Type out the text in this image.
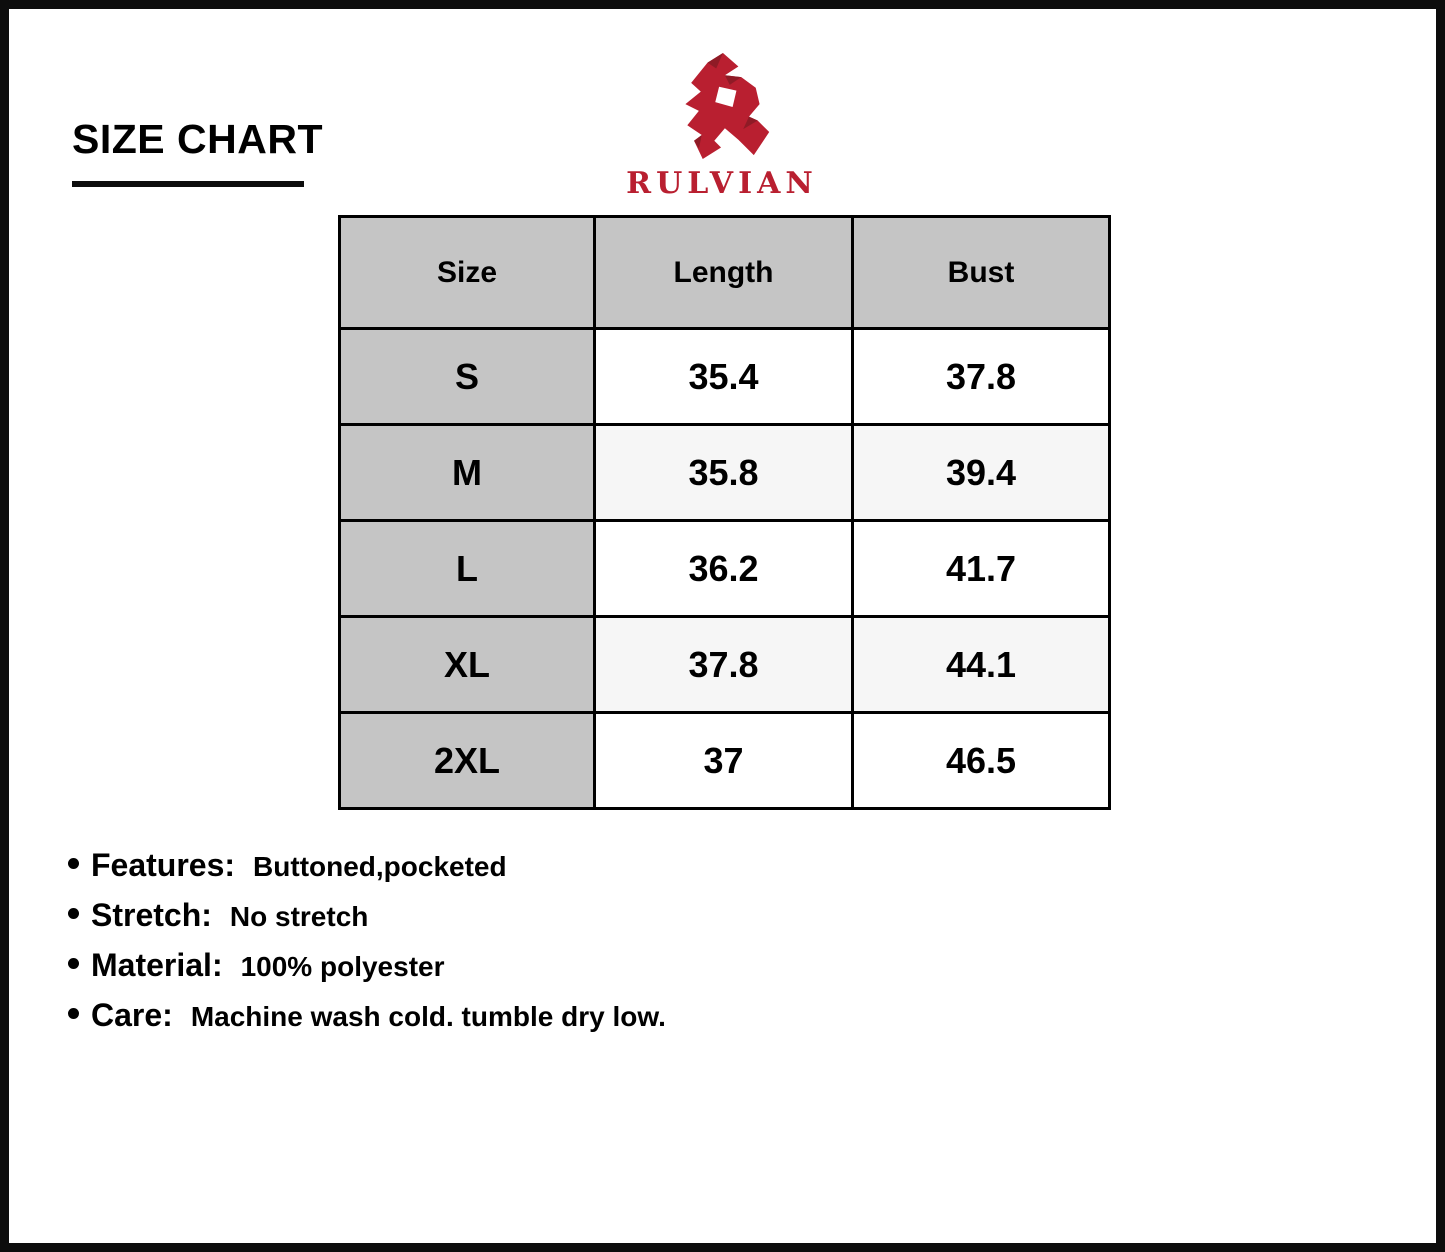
SIZE CHART
RULVIAN
Size	Length	Bust
S	35.4	37.8
M	35.8	39.4
L	36.2	41.7
XL	37.8	44.1
2XL	37	46.5
Features: Buttoned,pocketed
Stretch: No stretch
Material: 100% polyester
Care: Machine wash cold. tumble dry low.
